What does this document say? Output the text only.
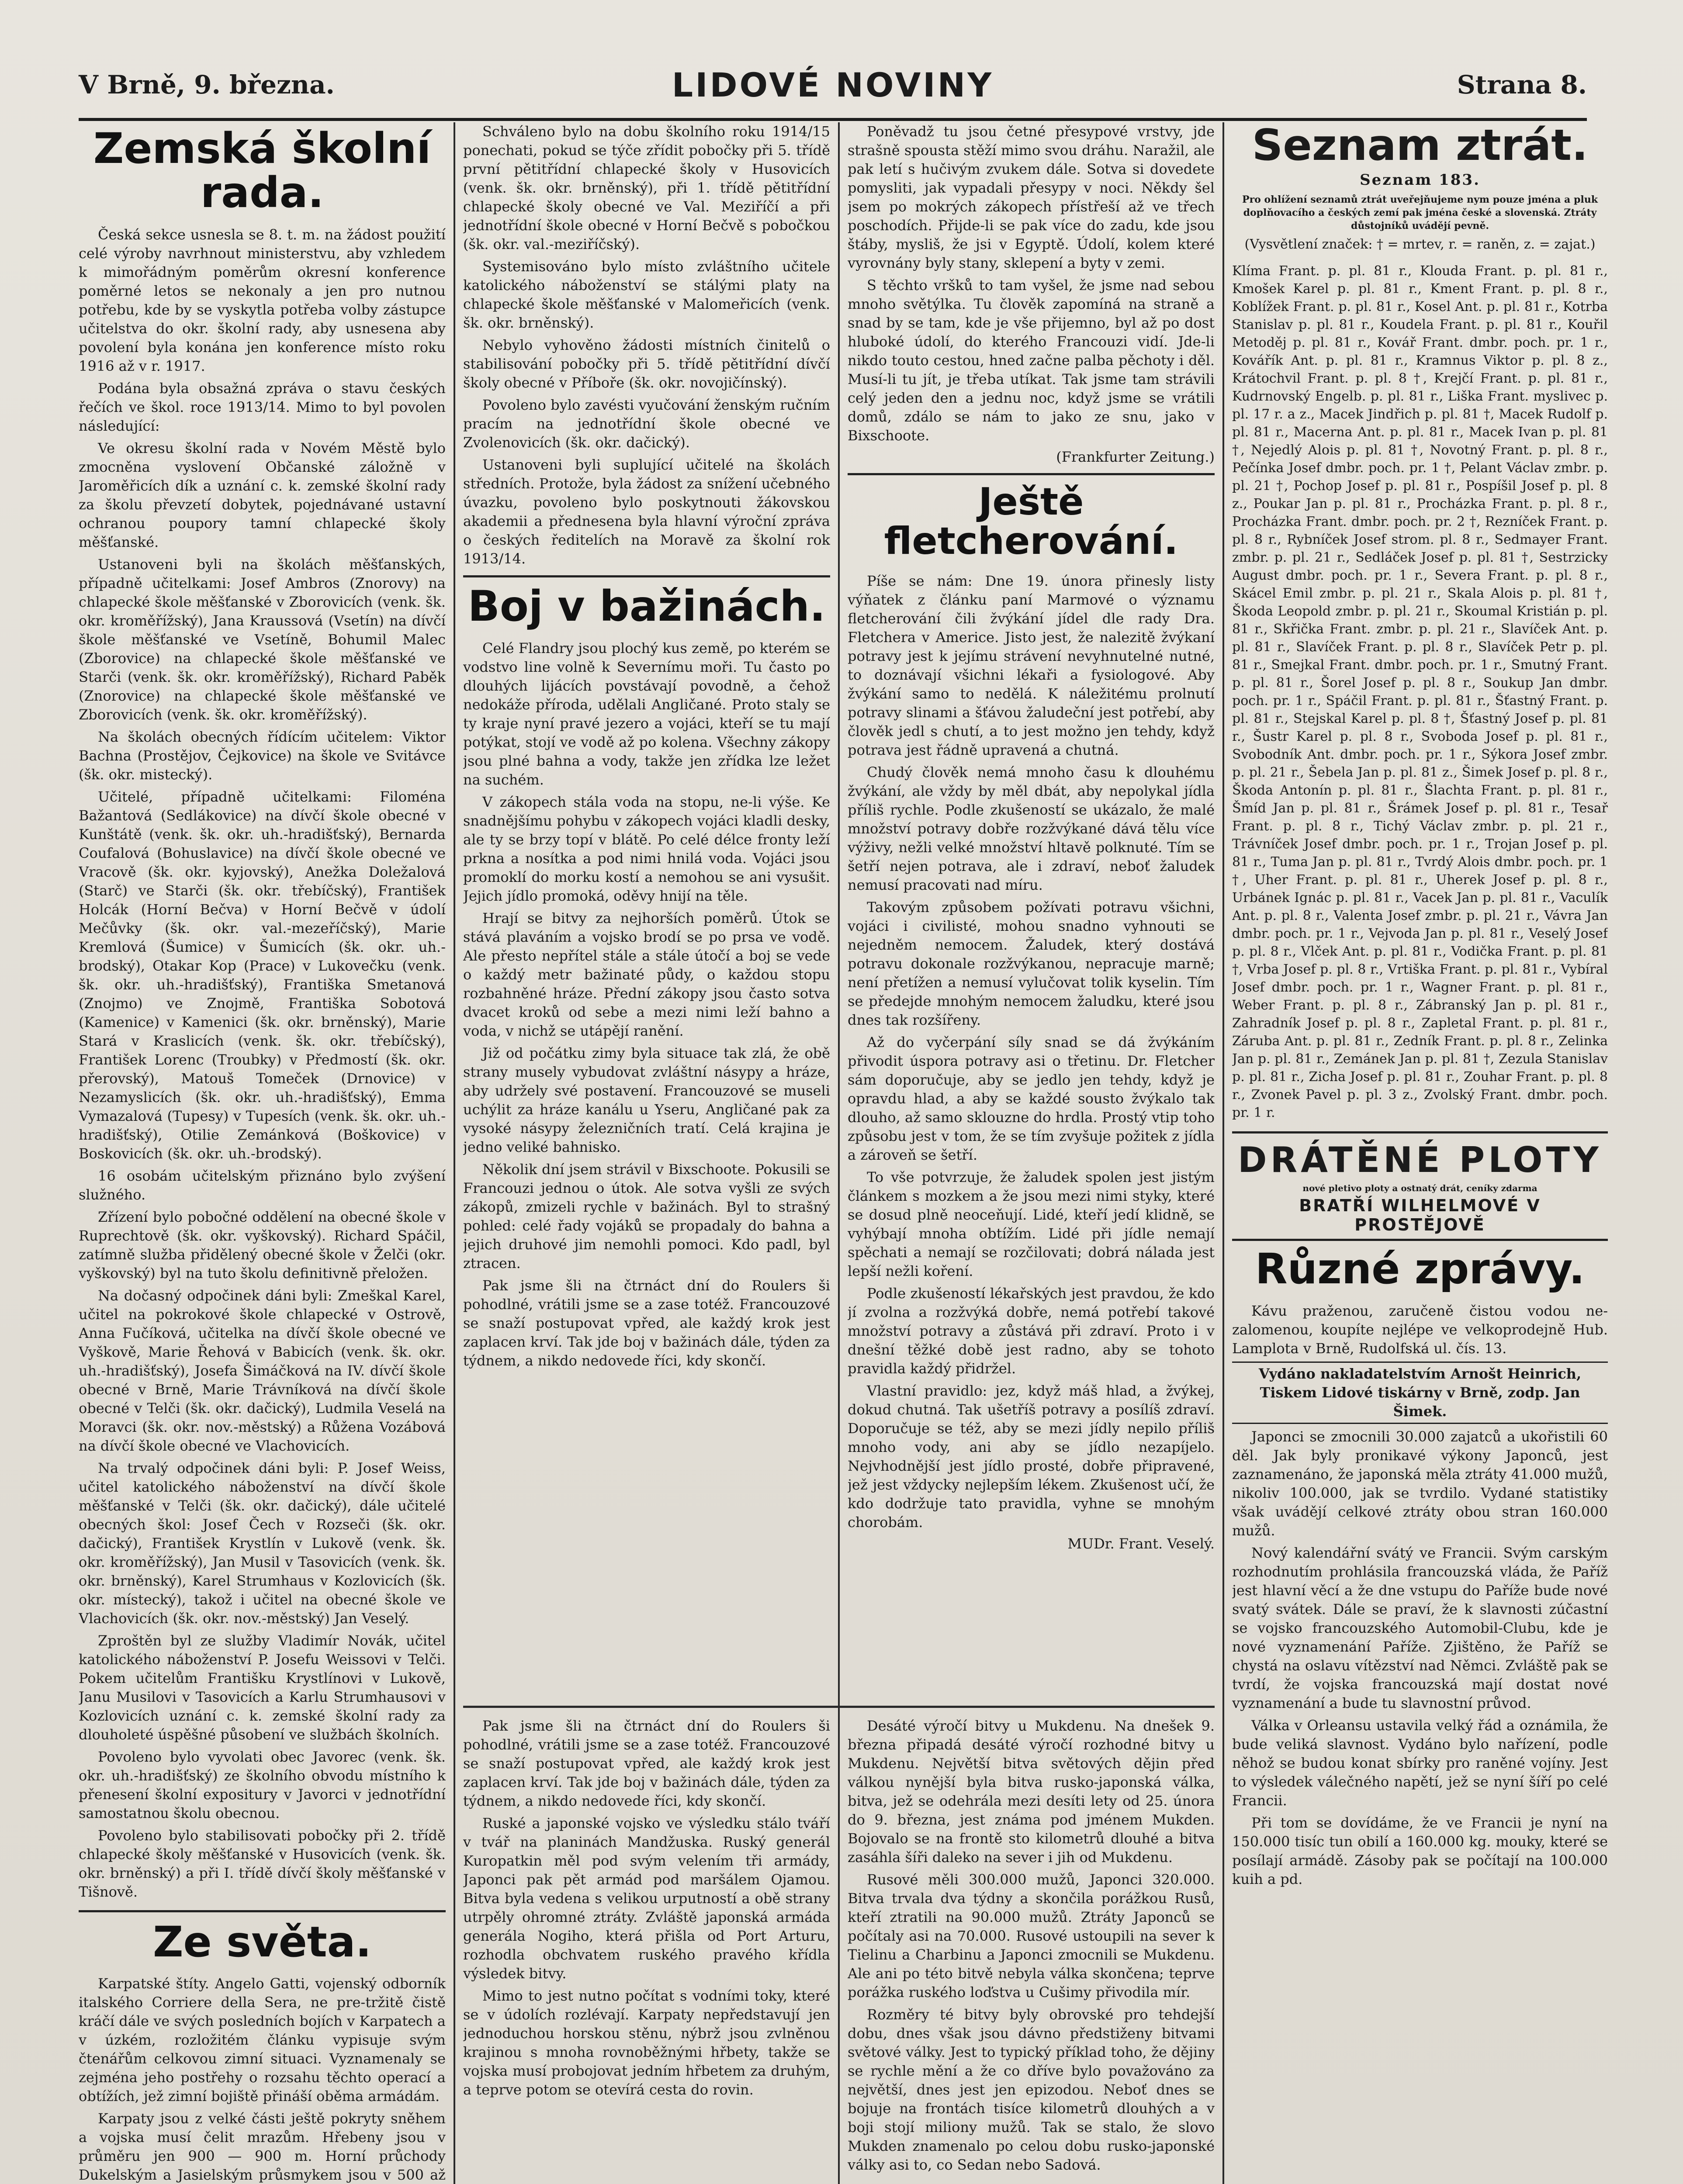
V Brně, 9. března.	LIDOVÉ NOVINY	Strana 8.
Zemská školní rada.

Česká sekce usnesla se 8. t. m. na žádost použití celé výroby navrhnout ministerstvu, aby vzhledem k mimořádným poměrům okresní konference poměrné letos se nekonaly a jen pro nutnou potřebu, kde by se vyskytla potřeba volby zástupce učitelstva do okr. školní rady, aby usnesena aby povolení byla konána jen konference místo roku 1916 až v r. 1917.

Podána byla obsažná zpráva o stavu českých řečích ve škol. roce 1913/14. Mimo to byl povolen následující:

Ve okresu školní rada v Novém Městě bylo zmocněna vyslovení Občanské záložně v Jaroměřicích dík a uznání c. k. zemské školní rady za školu převzetí dobytek, pojednávané ustavní ochranou poupory tamní chlapecké školy měšťanské.

Ustanoveni byli na školách měšťanských, případně učitelkami: Josef Ambros (Znorovy) na chlapecké škole měšťanské v Zborovicích (venk. šk. okr. kroměřížský), Jana Kraussová (Vsetín) na dívčí škole měšťanské ve Vsetíně, Bohumil Malec (Zborovice) na chlapecké škole měšťanské ve Starči (venk. šk. okr. kroměřížský), Richard Paběk (Znorovice) na chlapecké škole měšťanské ve Zborovicích (venk. šk. okr. kroměřížský).

Na školách obecných řídícím učitelem: Viktor Bachna (Prostějov, Čejkovice) na škole ve Svitávce (šk. okr. mistecký).

Učitelé, případně učitelkami: Filoména Bažantová (Sedlákovice) na dívčí škole obecné v Kunštátě (venk. šk. okr. uh.-hradišťský), Bernarda Coufalová (Bohuslavice) na dívčí škole obecné ve Vracově (šk. okr. kyjovský), Anežka Doležalová (Starč) ve Starči (šk. okr. třebíčský), František Holcák (Horní Bečva) v Horní Bečvě v údolí Mečůvky (šk. okr. val.-mezeříčský), Marie Kremlová (Šumice) v Šumicích (šk. okr. uh.-brodský), Otakar Kop (Prace) v Lukovečku (venk. šk. okr. uh.-hradišťský), Františka Smetanová (Znojmo) ve Znojmě, Františka Sobotová (Kamenice) v Kamenici (šk. okr. brněnský), Marie Stará v Kraslicích (venk. šk. okr. třebíčský), František Lorenc (Troubky) v Předmostí (šk. okr. přerovský), Matouš Tomeček (Drnovice) v Nezamyslicích (šk. okr. uh.-hradišťský), Emma Vymazalová (Tupesy) v Tupesích (venk. šk. okr. uh.-hradišťský), Otilie Zemánková (Boškovice) v Boskovicích (šk. okr. uh.-brodský).

16 osobám učitelským přiznáno bylo zvýšení služného.

Zřízení bylo pobočné oddělení na obecné škole v Ruprechtově (šk. okr. vyškovský). Richard Spáčil, zatímně služba přidělený obecné škole v Želči (okr. vyškovský) byl na tuto školu definitivně přeložen.

Na dočasný odpočinek dáni byli: Zmeškal Karel, učitel na pokrokové škole chlapecké v Ostrově, Anna Fučíková, učitelka na dívčí škole obecné ve Vyškově, Marie Řehová v Babicích (venk. šk. okr. uh.-hradišťský), Josefa Šimáčková na IV. dívčí škole obecné v Brně, Marie Trávníková na dívčí škole obecné v Telči (šk. okr. dačický), Ludmila Veselá na Moravci (šk. okr. nov.-městský) a Růžena Vozábová na dívčí škole obecné ve Vlachovicích.

Na trvalý odpočinek dáni byli: P. Josef Weiss, učitel katolického náboženství na dívčí škole měšťanské v Telči (šk. okr. dačický), dále učitelé obecných škol: Josef Čech v Rozseči (šk. okr. dačický), František Krystlín v Lukově (venk. šk. okr. kroměřížský), Jan Musil v Tasovicích (venk. šk. okr. brněnský), Karel Strumhaus v Kozlovicích (šk. okr. místecký), takož i učitel na obecné škole ve Vlachovicích (šk. okr. nov.-městský) Jan Veselý.

Zproštěn byl ze služby Vladimír Novák, učitel katolického náboženství P. Josefu Weissovi v Telči. Pokem učitelům Františku Krystlínovi v Lukově, Janu Musilovi v Tasovicích a Karlu Strumhausovi v Kozlovicích uznání c. k. zemské školní rady za dlouholeté úspěšné působení ve službách školních.

Povoleno bylo vyvolati obec Javorec (venk. šk. okr. uh.-hradišťský) ze školního obvodu místního k přenesení školní expositury v Javorci v jednotřídní samostatnou školu obecnou.

Povoleno bylo stabilisovati pobočky při 2. třídě chlapecké školy měšťanské v Husovicích (venk. šk. okr. brněnský) a při I. třídě dívčí školy měšťanské v Tišnově.

Ze světa.

Karpatské štíty. Angelo Gatti, vojenský odborník italského Corriere della Sera, ne pre-tržitě čistě kráčí dále ve svých posledních bojích v Karpatech a v úzkém, rozložitém článku vypisuje svým čtenářům celkovou zimní situaci. Vyznamenaly se zejména jeho postřehy o rozsahu těchto operací a obtížích, jež zimní bojiště přináší oběma armádám.

Karpaty jsou z velké části ještě pokryty sněhem a vojska musí čelit mrazům. Hřebeny jsou v průměru jen 900 — 900 m. Horní průchody Dukelským a Jasielským průsmykem jsou v 500 až

Schváleno bylo na dobu školního roku 1914/15 ponechati, pokud se týče zřídit pobočky při 5. třídě první pětitřídní chlapecké školy v Husovicích (venk. šk. okr. brněnský), při 1. třídě pětitřídní chlapecké školy obecné ve Val. Meziříčí a při jednotřídní škole obecné v Horní Bečvě s pobočkou (šk. okr. val.-meziříčský).

Systemisováno bylo místo zvláštního učitele katolického náboženství se stálými platy na chlapecké škole měšťanské v Malomeřicích (venk. šk. okr. brněnský).

Nebylo vyhověno žádosti místních činitelů o stabilisování pobočky při 5. třídě pětitřídní dívčí školy obecné v Příboře (šk. okr. novojičínský).

Povoleno bylo zavésti vyučování ženským ručním pracím na jednotřídní škole obecné ve Zvolenovicích (šk. okr. dačický).

Ustanoveni byli suplující učitelé na školách středních. Protože, byla žádost za snížení učebného úvazku, povoleno bylo poskytnouti žákovskou akademii a přednesena byla hlavní výroční zpráva o českých ředitelích na Moravě za školní rok 1913/14.

Boj v bažinách.

Celé Flandry jsou plochý kus země, po kterém se vodstvo line volně k Severnímu moři. Tu často po dlouhých lijácích povstávají povodně, a čehož nedokáže příroda, udělali Angličané. Proto staly se ty kraje nyní pravé jezero a vojáci, kteří se tu mají potýkat, stojí ve vodě až po kolena. Všechny zákopy jsou plné bahna a vody, takže jen zřídka lze ležet na suchém.

V zákopech stála voda na stopu, ne-li výše. Ke snadnějšímu pohybu v zákopech vojáci kladli desky, ale ty se brzy topí v blátě. Po celé délce fronty leží prkna a nosítka a pod nimi hnilá voda. Vojáci jsou promoklí do morku kostí a nemohou se ani vysušit. Jejich jídlo promoká, oděvy hnijí na těle.

Hrají se bitvy za nejhorších poměrů. Útok se stává plaváním a vojsko brodí se po prsa ve vodě. Ale přesto nepřítel stále a stále útočí a boj se vede o každý metr bažinaté půdy, o každou stopu rozbahněné hráze. Přední zákopy jsou často sotva dvacet kroků od sebe a mezi nimi leží bahno a voda, v nichž se utápějí ranění.

Již od počátku zimy byla situace tak zlá, že obě strany musely vybudovat zvláštní násypy a hráze, aby udržely své postavení. Francouzové se museli uchýlit za hráze kanálu u Yseru, Angličané pak za vysoké násypy železničních tratí. Celá krajina je jedno veliké bahnisko.

Několik dní jsem strávil v Bixschoote. Pokusili se Francouzi jednou o útok. Ale sotva vyšli ze svých zákopů, zmizeli rychle v bažinách. Byl to strašný pohled: celé řady vojáků se propadaly do bahna a jejich druhové jim nemohli pomoci. Kdo padl, byl ztracen.

Pak jsme šli na čtrnáct dní do Roulers ši pohodlné, vrátili jsme se a zase totéž. Francouzové se snaží postupovat vpřed, ale každý krok jest zaplacen krví. Tak jde boj v bažinách dále, týden za týdnem, a nikdo nedovede říci, kdy skončí.

Poněvadž tu jsou četné přesypové vrstvy, jde strašně spousta stěží mimo svou dráhu. Naražil, ale pak letí s hučivým zvukem dále. Sotva si dovedete pomysliti, jak vypadali přesypy v noci. Někdy šel jsem po mokrých zákopech přístřeší až ve třech poschodích. Přijde-li se pak více do zadu, kde jsou štáby, mysliš, že jsi v Egyptě. Údolí, kolem které vyrovnány byly stany, sklepení a byty v zemi.

S těchto vršků to tam vyšel, že jsme nad sebou mnoho světýlka. Tu člověk zapomíná na straně a snad by se tam, kde je vše přijemno, byl až po dost hluboké údolí, do kterého Francouzi vidí. Jde-li nikdo touto cestou, hned začne palba pěchoty i děl. Musí-li tu jít, je třeba utíkat. Tak jsme tam strávili celý jeden den a jednu noc, když jsme se vrátili domů, zdálo se nám to jako ze snu, jako v Bixschoote.

(Frankfurter Zeitung.)
Ještě fletcherování.

Píše se nám: Dne 19. února přinesly listy výňatek z článku paní Marmové o významu fletcherování čili žvýkání jídel dle rady Dra. Fletchera v Americe. Jisto jest, že nalezitě žvýkaní potravy jest k jejímu strávení nevyhnutelné nutné, to doznávají všichni lékaři a fysiologové. Aby žvýkání samo to nedělá. K náležitému prolnutí potravy slinami a šťávou žaludeční jest potřebí, aby člověk jedl s chutí, a to jest možno jen tehdy, když potrava jest řádně upravená a chutná.

Chudý člověk nemá mnoho času k dlouhému žvýkání, ale vždy by měl dbát, aby nepolykal jídla příliš rychle. Podle zkušeností se ukázalo, že malé množství potravy dobře rozžvýkané dává tělu více výživy, nežli velké množství hltavě polknuté. Tím se šetří nejen potrava, ale i zdraví, neboť žaludek nemusí pracovati nad míru.

Takovým způsobem požívati potravu všichni, vojáci i civilisté, mohou snadno vyhnouti se nejedněm nemocem. Žaludek, který dostává potravu dokonale rozžvýkanou, nepracuje marně; není přetížen a nemusí vylučovat tolik kyselin. Tím se předejde mnohým nemocem žaludku, které jsou dnes tak rozšířeny.

Až do vyčerpání síly snad se dá žvýkáním přivodit úspora potravy asi o třetinu. Dr. Fletcher sám doporučuje, aby se jedlo jen tehdy, když je opravdu hlad, a aby se každé sousto žvýkalo tak dlouho, až samo sklouzne do hrdla. Prostý vtip toho způsobu jest v tom, že se tím zvyšuje požitek z jídla a zároveň se šetří.

To vše potvrzuje, že žaludek spolen jest jistým článkem s mozkem a že jsou mezi nimi styky, které se dosud plně neoceňují. Lidé, kteří jedí klidně, se vyhýbají mnoha obtížím. Lidé při jídle nemají spěchati a nemají se rozčilovati; dobrá nálada jest lepší nežli koření.

Podle zkušeností lékařských jest pravdou, že kdo jí zvolna a rozžvýká dobře, nemá potřebí takové množství potravy a zůstává při zdraví. Proto i v dnešní těžké době jest radno, aby se tohoto pravidla každý přidržel.

Vlastní pravidlo: jez, když máš hlad, a žvýkej, dokud chutná. Tak ušetříš potravy a posílíš zdraví. Doporučuje se též, aby se mezi jídly nepilo příliš mnoho vody, ani aby se jídlo nezapíjelo. Nejvhodnější jest jídlo prosté, dobře připravené, jež jest vždycky nejlepším lékem. Zkušenost učí, že kdo dodržuje tato pravidla, vyhne se mnohým chorobám.

MUDr. Frant. Veselý.

Pak jsme šli na čtrnáct dní do Roulers ši pohodlné, vrátili jsme se a zase totéž. Francouzové se snaží postupovat vpřed, ale každý krok jest zaplacen krví. Tak jde boj v bažinách dále, týden za týdnem, a nikdo nedovede říci, kdy skončí.

Ruské a japonské vojsko ve výsledku stálo tváří v tvář na planinách Mandžuska. Ruský generál Kuropatkin měl pod svým velením tři armády, Japonci pak pět armád pod maršálem Ojamou. Bitva byla vedena s velikou urputností a obě strany utrpěly ohromné ztráty. Zvláště japonská armáda generála Nogiho, která přišla od Port Arturu, rozhodla obchvatem ruského pravého křídla výsledek bitvy.

Mimo to jest nutno počítat s vodními toky, které se v údolích rozlévají. Karpaty nepředstavují jen jednoduchou horskou stěnu, nýbrž jsou zvlněnou krajinou s mnoha rovnoběžnými hřbety, takže se vojska musí probojovat jedním hřbetem za druhým, a teprve potom se otevírá cesta do rovin.

Desáté výročí bitvy u Mukdenu. Na dnešek 9. března připadá desáté výročí rozhodné bitvy u Mukdenu. Největší bitva světových dějin před válkou nynější byla bitva rusko-japonská válka, bitva, jež se odehrála mezi desíti lety od 25. února do 9. března, jest známa pod jménem Mukden. Bojovalo se na frontě sto kilometrů dlouhé a bitva zasáhla šíři daleko na sever i jih od Mukdenu.

Rusové měli 300.000 mužů, Japonci 320.000. Bitva trvala dva týdny a skončila porážkou Rusů, kteří ztratili na 90.000 mužů. Ztráty Japonců se počítaly asi na 70.000. Rusové ustoupili na sever k Tielinu a Charbinu a Japonci zmocnili se Mukdenu. Ale ani po této bitvě nebyla válka skončena; teprve porážka ruského loďstva u Cušimy přivodila mír.

Rozměry té bitvy byly obrovské pro tehdejší dobu, dnes však jsou dávno předstiženy bitvami světové války. Jest to typický příklad toho, že dějiny se rychle mění a že co dříve bylo považováno za největší, dnes jest jen epizodou. Neboť dnes se bojuje na frontách tisíce kilometrů dlouhých a v boji stojí miliony mužů. Tak se stalo, že slovo Mukden znamenalo po celou dobu rusko-japonské války asi to, co Sedan nebo Sadová.

Seznam ztrát.
Seznam 183.
Pro ohlížení seznamů ztrát uveřejňujeme nym pouze jména a pluk doplňovacího a českých zemí pak jména české a slovenská. Ztráty důstojníků uvádějí pevně.
(Vysvětlení značek: † = mrtev, r. = raněn, z. = zajat.)
Klíma Frant. p. pl. 81 r., Klouda Frant. p. pl. 81 r., Kmošek Karel p. pl. 81 r., Kment Frant. p. pl. 8 r., Koblížek Frant. p. pl. 81 r., Kosel Ant. p. pl. 81 r., Kotrba Stanislav p. pl. 81 r., Koudela Frant. p. pl. 81 r., Kouřil Metoděj p. pl. 81 r., Kovář Frant. dmbr. poch. pr. 1 r., Kovářík Ant. p. pl. 81 r., Kramnus Viktor p. pl. 8 z., Krátochvil Frant. p. pl. 8 †, Krejčí Frant. p. pl. 81 r., Kudrnovský Engelb. p. pl. 81 r., Liška Frant. myslivec p. pl. 17 r. a z., Macek Jindřich p. pl. 81 †, Macek Rudolf p. pl. 81 r., Macerna Ant. p. pl. 81 r., Macek Ivan p. pl. 81 †, Nejedlý Alois p. pl. 81 †, Novotný Frant. p. pl. 8 r., Pečínka Josef dmbr. poch. pr. 1 †, Pelant Václav zmbr. p. pl. 21 †, Pochop Josef p. pl. 81 r., Pospíšil Josef p. pl. 8 z., Poukar Jan p. pl. 81 r., Procházka Frant. p. pl. 8 r., Procházka Frant. dmbr. poch. pr. 2 †, Rezníček Frant. p. pl. 8 r., Rybníček Josef strom. pl. 8 r., Sedmayer Frant. zmbr. p. pl. 21 r., Sedláček Josef p. pl. 81 †, Sestrzicky August dmbr. poch. pr. 1 r., Severa Frant. p. pl. 8 r., Skácel Emil zmbr. p. pl. 21 r., Skala Alois p. pl. 81 †, Škoda Leopold zmbr. p. pl. 21 r., Skoumal Kristián p. pl. 81 r., Skřička Frant. zmbr. p. pl. 21 r., Slavíček Ant. p. pl. 81 r., Slavíček Frant. p. pl. 8 r., Slavíček Petr p. pl. 81 r., Smejkal Frant. dmbr. poch. pr. 1 r., Smutný Frant. p. pl. 81 r., Šorel Josef p. pl. 8 r., Soukup Jan dmbr. poch. pr. 1 r., Spáčil Frant. p. pl. 81 r., Šťastný Frant. p. pl. 81 r., Stejskal Karel p. pl. 8 †, Šťastný Josef p. pl. 81 r., Šustr Karel p. pl. 8 r., Svoboda Josef p. pl. 81 r., Svobodník Ant. dmbr. poch. pr. 1 r., Sýkora Josef zmbr. p. pl. 21 r., Šebela Jan p. pl. 81 z., Šimek Josef p. pl. 8 r., Škoda Antonín p. pl. 81 r., Šlachta Frant. p. pl. 81 r., Šmíd Jan p. pl. 81 r., Šrámek Josef p. pl. 81 r., Tesař Frant. p. pl. 8 r., Tichý Václav zmbr. p. pl. 21 r., Trávníček Josef dmbr. poch. pr. 1 r., Trojan Josef p. pl. 81 r., Tuma Jan p. pl. 81 r., Tvrdý Alois dmbr. poch. pr. 1 †, Uher Frant. p. pl. 81 r., Uherek Josef p. pl. 8 r., Urbánek Ignác p. pl. 81 r., Vacek Jan p. pl. 81 r., Vaculík Ant. p. pl. 8 r., Valenta Josef zmbr. p. pl. 21 r., Vávra Jan dmbr. poch. pr. 1 r., Vejvoda Jan p. pl. 81 r., Veselý Josef p. pl. 8 r., Vlček Ant. p. pl. 81 r., Vodička Frant. p. pl. 81 †, Vrba Josef p. pl. 8 r., Vrtiška Frant. p. pl. 81 r., Vybíral Josef dmbr. poch. pr. 1 r., Wagner Frant. p. pl. 81 r., Weber Frant. p. pl. 8 r., Zábranský Jan p. pl. 81 r., Zahradník Josef p. pl. 8 r., Zapletal Frant. p. pl. 81 r., Záruba Ant. p. pl. 81 r., Zedník Frant. p. pl. 8 r., Zelinka Jan p. pl. 81 r., Zemánek Jan p. pl. 81 †, Zezula Stanislav p. pl. 81 r., Zicha Josef p. pl. 81 r., Zouhar Frant. p. pl. 8 r., Zvonek Pavel p. pl. 3 z., Zvolský Frant. dmbr. poch. pr. 1 r.
DRÁTĚNÉ PLOTY
nové pletivo ploty a ostnatý drát, ceníky zdarma
BRATŘÍ WILHELMOVÉ V PROSTĚJOVĚ
Různé zprávy.

Kávu praženou, zaručeně čistou vodou ne-zalomenou, koupíte nejlépe ve velkoprodejně Hub. Lamplota v Brně, Rudolfská ul. čís. 13.

Vydáno nakladatelstvím Arnošt Heinrich, Tiskem Lidové tiskárny v Brně, zodp. Jan Šimek.

Japonci se zmocnili 30.000 zajatců a ukořistili 60 děl. Jak byly pronikavé výkony Japonců, jest zaznamenáno, že japonská měla ztráty 41.000 mužů, nikoliv 100.000, jak se tvrdilo. Vydané statistiky však uvádějí celkové ztráty obou stran 160.000 mužů.

Nový kalendářní svátý ve Francii. Svým carským rozhodnutím prohlásila francouzská vláda, že Paříž jest hlavní věcí a že dne vstupu do Paříže bude nové svatý svátek. Dále se praví, že k slavnosti zúčastní se vojsko francouzského Automobil-Clubu, kde je nové vyznamenání Paříže. Zjištěno, že Paříž se chystá na oslavu vítězství nad Němci. Zvláště pak se tvrdí, že vojska francouzská mají dostat nové vyznamenání a bude tu slavnostní průvod.

Válka v Orleansu ustavila velký řád a oznámila, že bude veliká slavnost. Vydáno bylo nařízení, podle něhož se budou konat sbírky pro raněné vojíny. Jest to výsledek válečného napětí, jež se nyní šíří po celé Francii.

Při tom se dovídáme, že ve Francii je nyní na 150.000 tisíc tun obilí a 160.000 kg. mouky, které se posílají armádě. Zásoby pak se počítají na 100.000 kuih a pd.
